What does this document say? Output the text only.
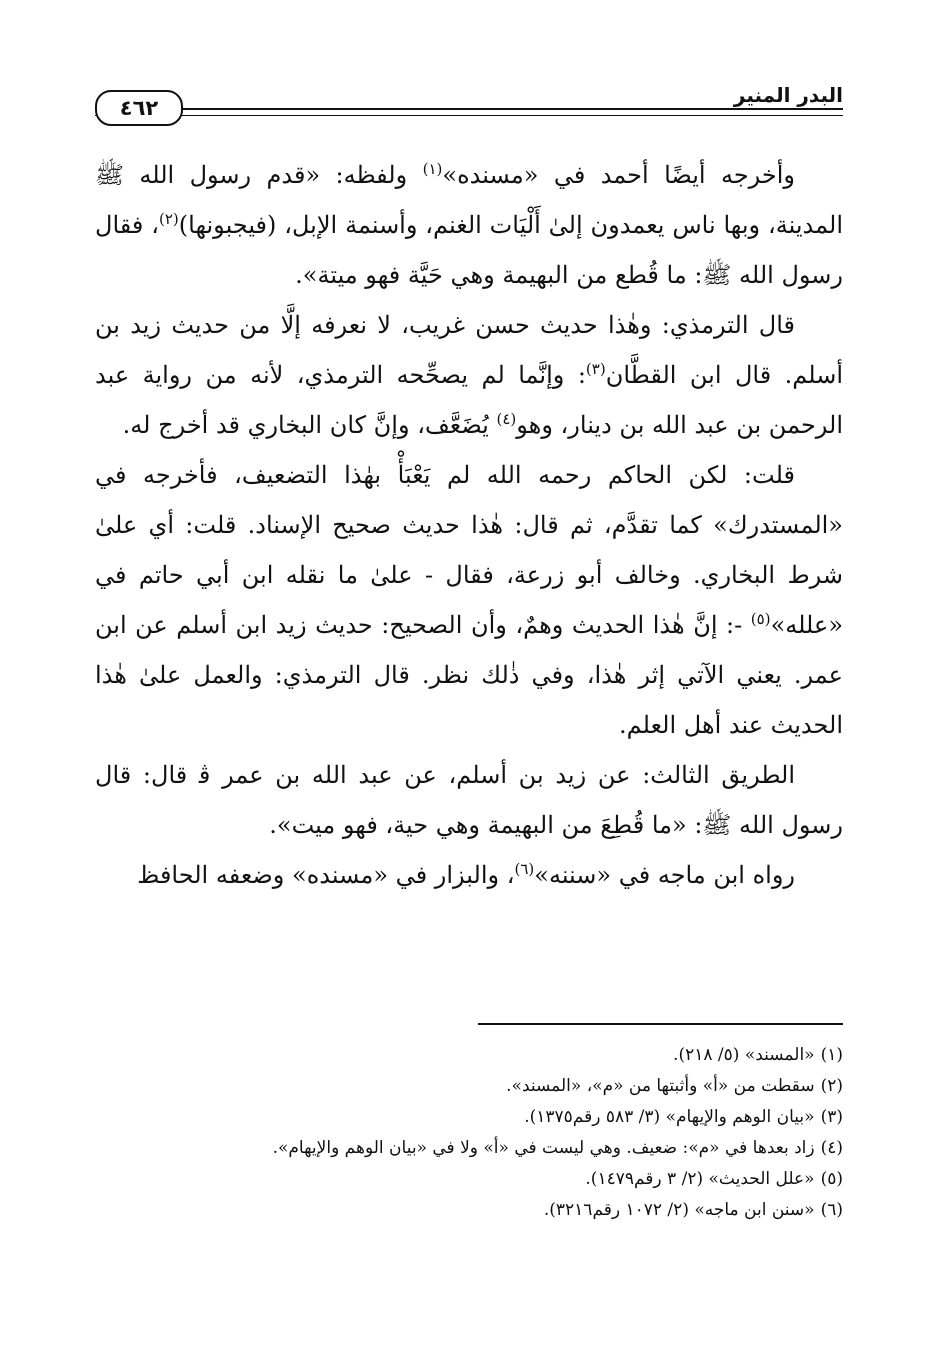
البدر المنير
٤٦٢

وأخرجه أيضًا أحمد في «مسنده»$^{(١)}$ ولفظه: «قدم رسول الله ﷺ المدينة، وبها ناس يعمدون إلىٰ أَلْيَات الغنم، وأسنمة الإبل، (فيجبونها)$^{(٢)}$، فقال رسول الله ﷺ: ما قُطع من البهيمة وهي حَيَّة فهو ميتة».

قال الترمذي: وهٰذا حديث حسن غريب، لا نعرفه إلَّا من حديث زيد بن أسلم. قال ابن القطَّان$^{(٣)}$: وإنَّما لم يصحِّحه الترمذي، لأنه من رواية عبد الرحمن بن عبد الله بن دينار، وهو$^{(٤)}$ يُضَعَّف، وإنَّ كان البخاري قد أخرج له.

قلت: لكن الحاكم رحمه الله لم يَعْبَأْ بهٰذا التضعيف، فأخرجه في «المستدرك» كما تقدَّم، ثم قال: هٰذا حديث صحيح الإسناد. قلت: أي علىٰ شرط البخاري. وخالف أبو زرعة، فقال - علىٰ ما نقله ابن أبي حاتم في «علله»$^{(٥)}$ -: إنَّ هٰذا الحديث وهمٌ، وأن الصحيح: حديث زيد ابن أسلم عن ابن عمر. يعني الآتي إثر هٰذا، وفي ذٰلك نظر. قال الترمذي: والعمل علىٰ هٰذا الحديث عند أهل العلم.

الطريق الثالث: عن زيد بن أسلم، عن عبد الله بن عمر ﭬ قال: قال رسول الله ﷺ: «ما قُطِعَ من البهيمة وهي حية، فهو ميت».

رواه ابن ماجه في «سننه»$^{(٦)}$، والبزار في «مسنده» وضعفه الحافظ

(١)«المسند» (٥/ ٢١٨).
(٢)سقطت من «أ» وأثبتها من «م»، «المسند».
(٣)«بيان الوهم والإيهام» (٣/ ٥٨٣ رقم١٣٧٥).
(٤)زاد بعدها في «م»: ضعيف. وهي ليست في «أ» ولا في «بيان الوهم والإيهام».
(٥)«علل الحديث» (٢/ ٣ رقم١٤٧٩).
(٦)«سنن ابن ماجه» (٢/ ١٠٧٢ رقم٣٢١٦).
